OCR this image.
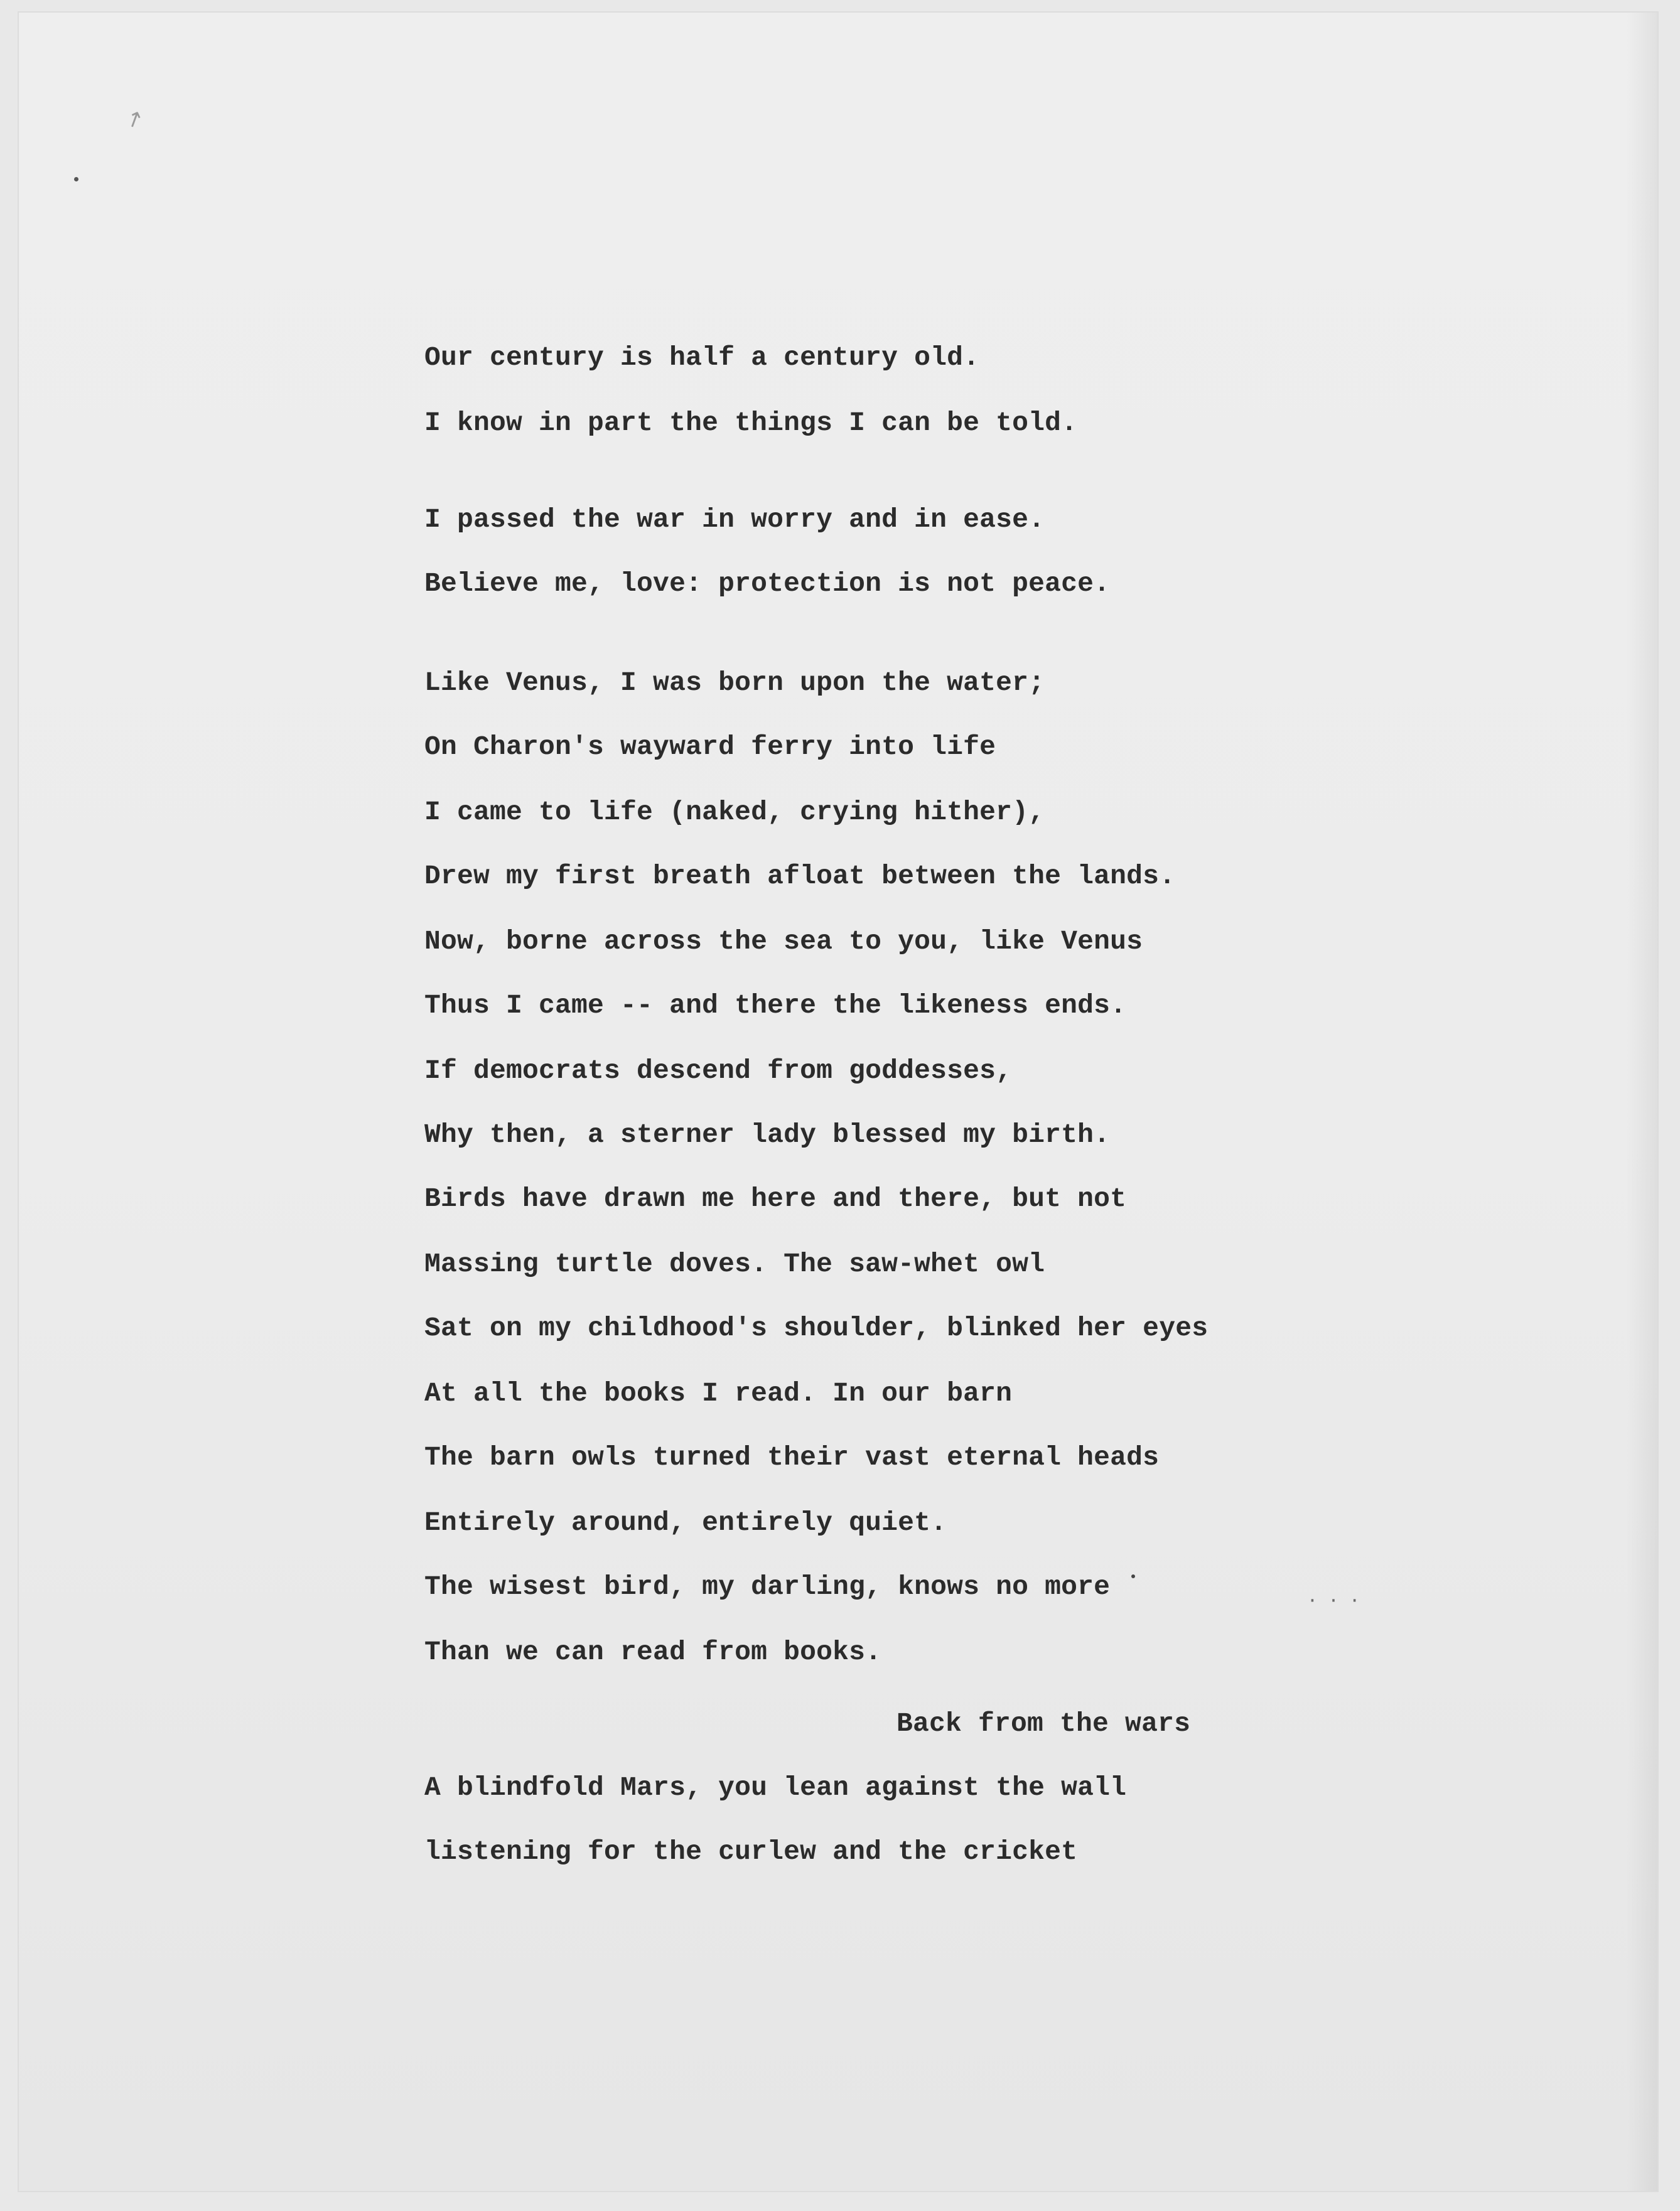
↗
· · ·
Our century is half a century old.
I know in part the things I can be told.
I passed the war in worry and in ease.
Believe me, love: protection is not peace.
Like Venus, I was born upon the water;
On Charon's wayward ferry into life
I came to life (naked, crying hither),
Drew my first breath afloat between the lands.
Now, borne across the sea to you, like Venus
Thus I came -- and there the likeness ends.
If democrats descend from goddesses,
Why then, a sterner lady blessed my birth.
Birds have drawn me here and there, but not
Massing turtle doves. The saw-whet owl
Sat on my childhood's shoulder, blinked her eyes
At all the books I read. In our barn
The barn owls turned their vast eternal heads
Entirely around, entirely quiet.
The wisest bird, my darling, knows no more
Than we can read from books.
Back from the wars
A blindfold Mars, you lean against the wall
listening for the curlew and the cricket
